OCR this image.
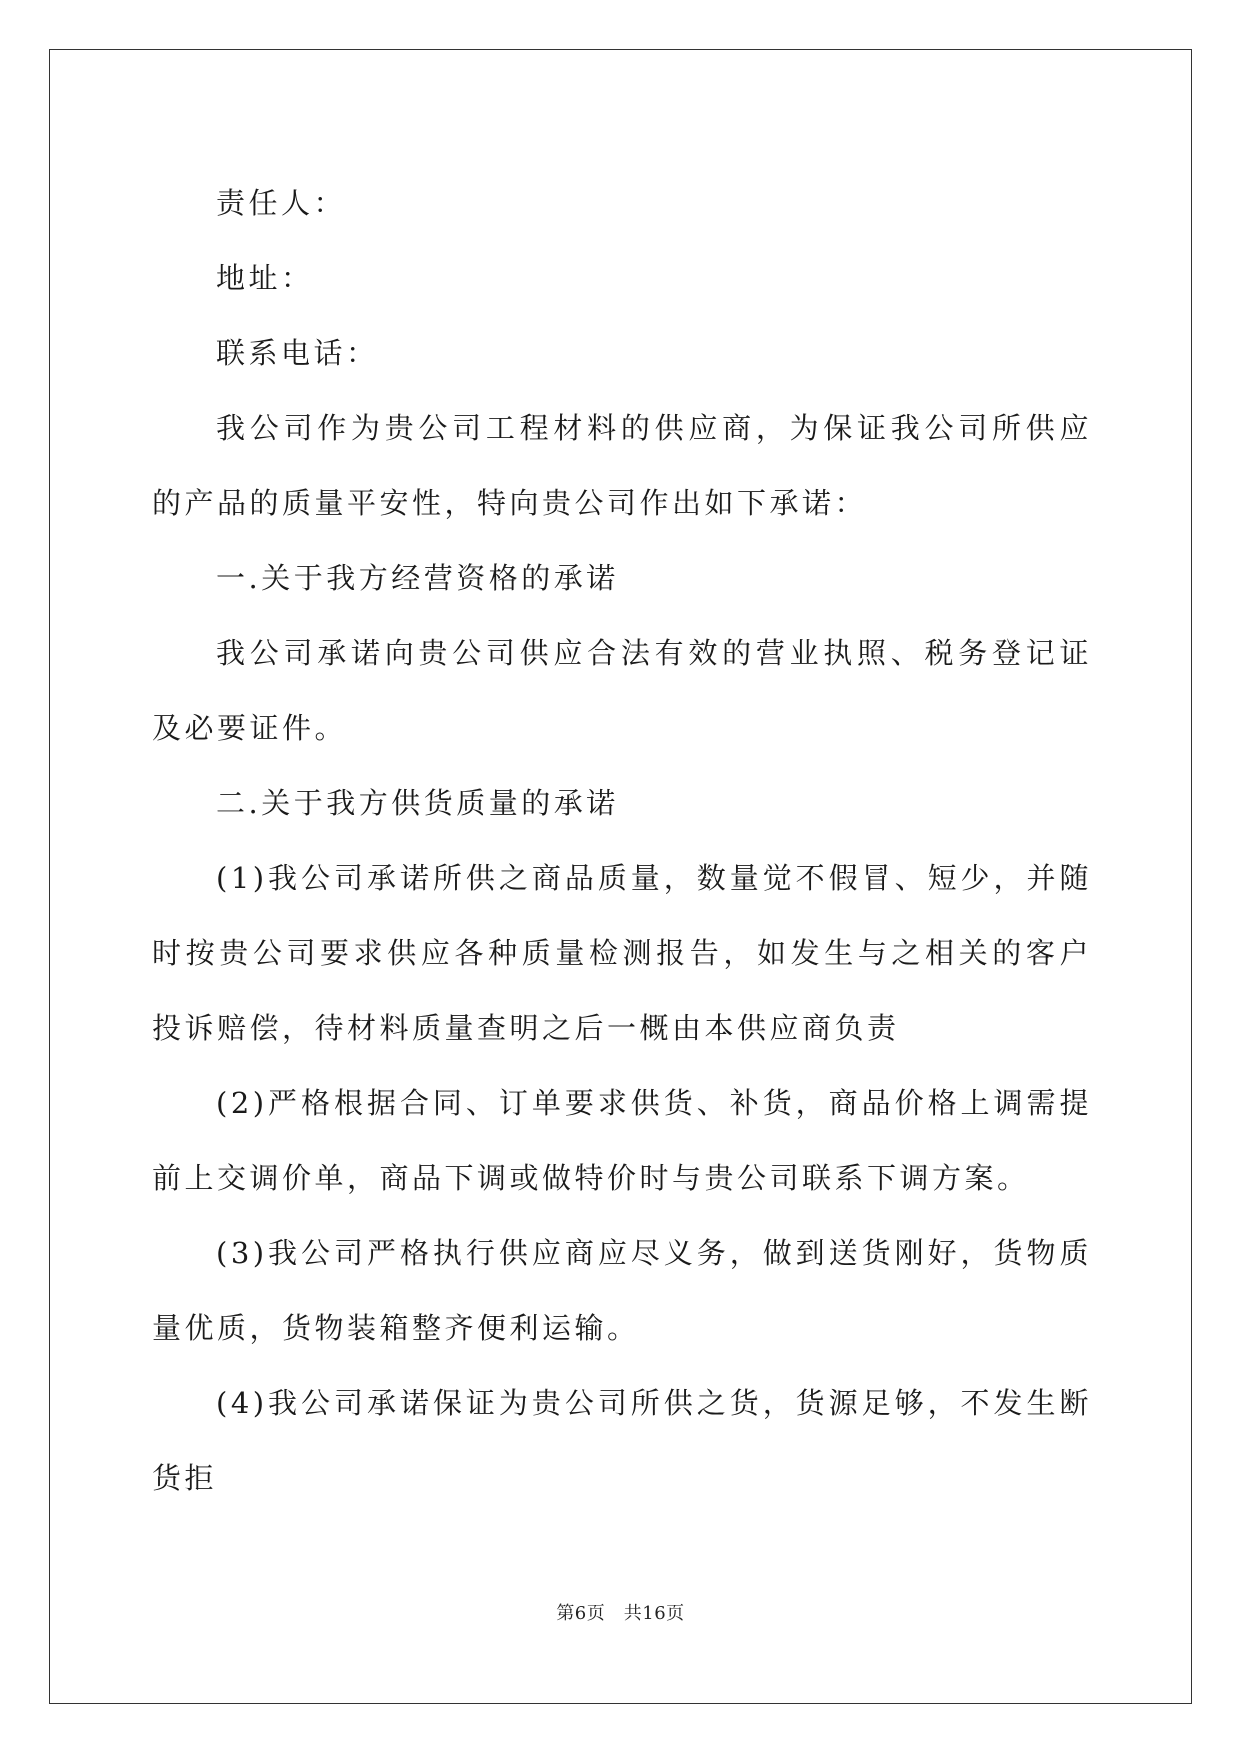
责任人：

地址：

联系电话：

我公司作为贵公司工程材料的供应商，为保证我公司所供应的产品的质量平安性，特向贵公司作出如下承诺：

一.关于我方经营资格的承诺

我公司承诺向贵公司供应合法有效的营业执照、税务登记证及必要证件。

二.关于我方供货质量的承诺

(1)我公司承诺所供之商品质量，数量觉不假冒、短少，并随时按贵公司要求供应各种质量检测报告，如发生与之相关的客户投诉赔偿，待材料质量查明之后一概由本供应商负责

(2)严格根据合同、订单要求供货、补货，商品价格上调需提前上交调价单，商品下调或做特价时与贵公司联系下调方案。

(3)我公司严格执行供应商应尽义务，做到送货刚好，货物质量优质，货物装箱整齐便利运输。

(4)我公司承诺保证为贵公司所供之货，货源足够，不发生断货拒

第6页　共16页
